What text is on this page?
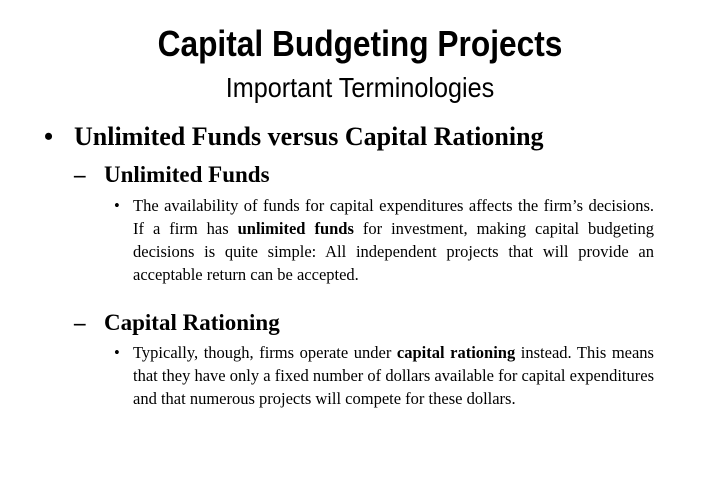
Capital Budgeting Projects
Important Terminologies
• Unlimited Funds versus Capital Rationing
– Unlimited Funds
• The availability of funds for capital expenditures affects the firm’s decisions. If a firm has unlimited funds for investment, making capital budgeting decisions is quite simple: All independent projects that will provide an acceptable return can be accepted.
– Capital Rationing
• Typically, though, firms operate under capital rationing instead. This means that they have only a fixed number of dollars available for capital expenditures and that numerous projects will compete for these dollars.
